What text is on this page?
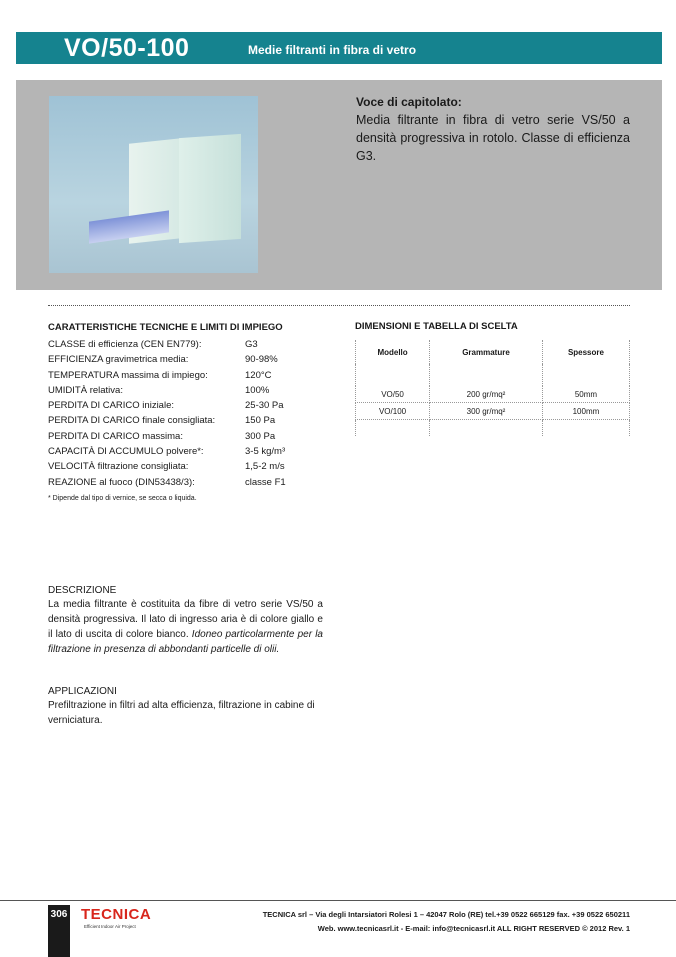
VO/50-100	Medie filtranti in fibra di vetro
Voce di capitolato:
Media filtrante in fibra di vetro serie VS/50 a densità progressiva in rotolo. Classe di efficienza G3.
CARATTERISTICHE TECNICHE E LIMITI DI IMPIEGO
CLASSE di efficienza (CEN EN779):	G3
EFFICIENZA gravimetrica media:	90-98%
TEMPERATURA massima di impiego:	120°C
UMIDITÀ relativa:	100%
PERDITA DI CARICO iniziale:	25-30 Pa
PERDITA DI CARICO finale consigliata:	150 Pa
PERDITA DI CARICO massima:	300 Pa
CAPACITÀ DI ACCUMULO polvere*:	3-5 kg/m³
VELOCITÀ filtrazione consigliata:	1,5-2 m/s
REAZIONE al fuoco (DIN53438/3):	classe F1
* Dipende dal tipo di vernice, se secca o liquida.
DIMENSIONI E TABELLA DI SCELTA
Modello	Grammature	Spessore

VO/50	200 gr/mq²	50mm
VO/100	300 gr/mq²	100mm

DESCRIZIONE
La media filtrante è costituita da fibre di vetro serie VS/50 a densità progressiva. Il lato di ingresso aria è di colore giallo e il lato di uscita di colore bianco. Idoneo particolarmente per la filtrazione in presenza di abbondanti particelle di olii.
APPLICAZIONI
Prefiltrazione in filtri ad alta efficienza, filtrazione in cabine di verniciatura.
306 TECNICA
Efficient Indoor Air Project
TECNICA srl – Via degli Intarsiatori Rolesi 1 – 42047 Rolo (RE) tel.+39 0522 665129 fax. +39 0522 650211
Web. www.tecnicasrl.it - E-mail: info@tecnicasrl.it ALL RIGHT RESERVED © 2012 Rev. 1
